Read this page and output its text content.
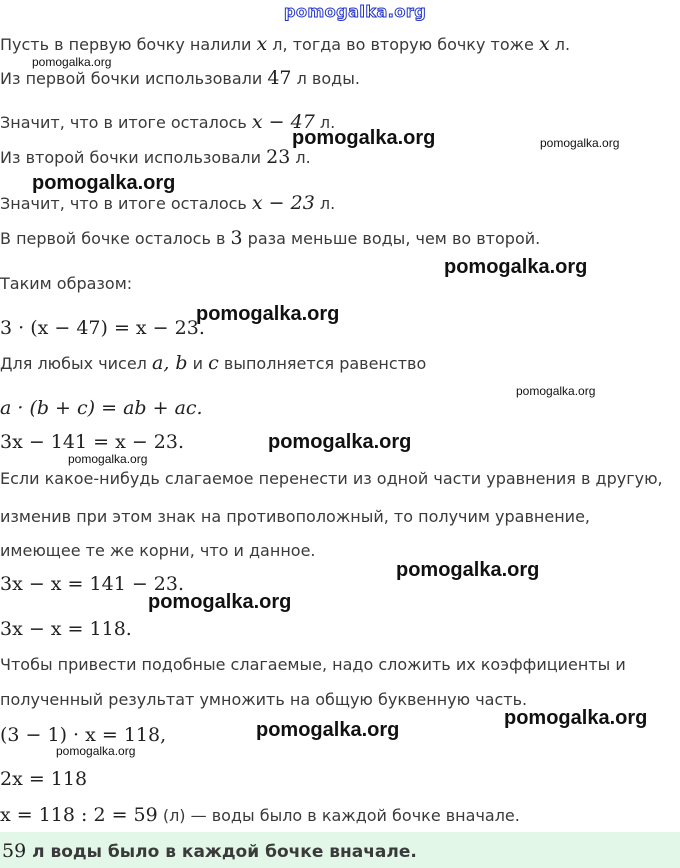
pomogalka.org
Пусть в первую бочку налили x л, тогда во вторую бочку тоже x л.
Из первой бочки использовали 47 л воды.
Значит, что в итоге осталось x − 47 л.
Из второй бочки использовали 23 л.
Значит, что в итоге осталось x − 23 л.
В первой бочке осталось в 3 раза меньше воды, чем во второй.
Таким образом:
3 · (x − 47) = x − 23.
Для любых чисел a, b и c выполняется равенство
a · (b + c) = ab + ac.
3x − 141 = x − 23.
Если какое-нибудь слагаемое перенести из одной части уравнения в другую,
изменив при этом знак на противоположный, то получим уравнение,
имеющее те же корни, что и данное.
3x − x = 141 − 23.
3x − x = 118.
Чтобы привести подобные слагаемые, надо сложить их коэффициенты и
полученный результат умножить на общую буквенную часть.
(3 − 1) · x = 118,
2x = 118
x = 118 : 2 = 59 (л) — воды было в каждой бочке вначале.
59 л воды было в каждой бочке вначале.
pomogalka.org
pomogalka.org	pomogalka.org
pomogalka.org
pomogalka.org
pomogalka.org
pomogalka.org
pomogalka.org
pomogalka.org
pomogalka.org
pomogalka.org
pomogalka.org
pomogalka.org
pomogalka.org
